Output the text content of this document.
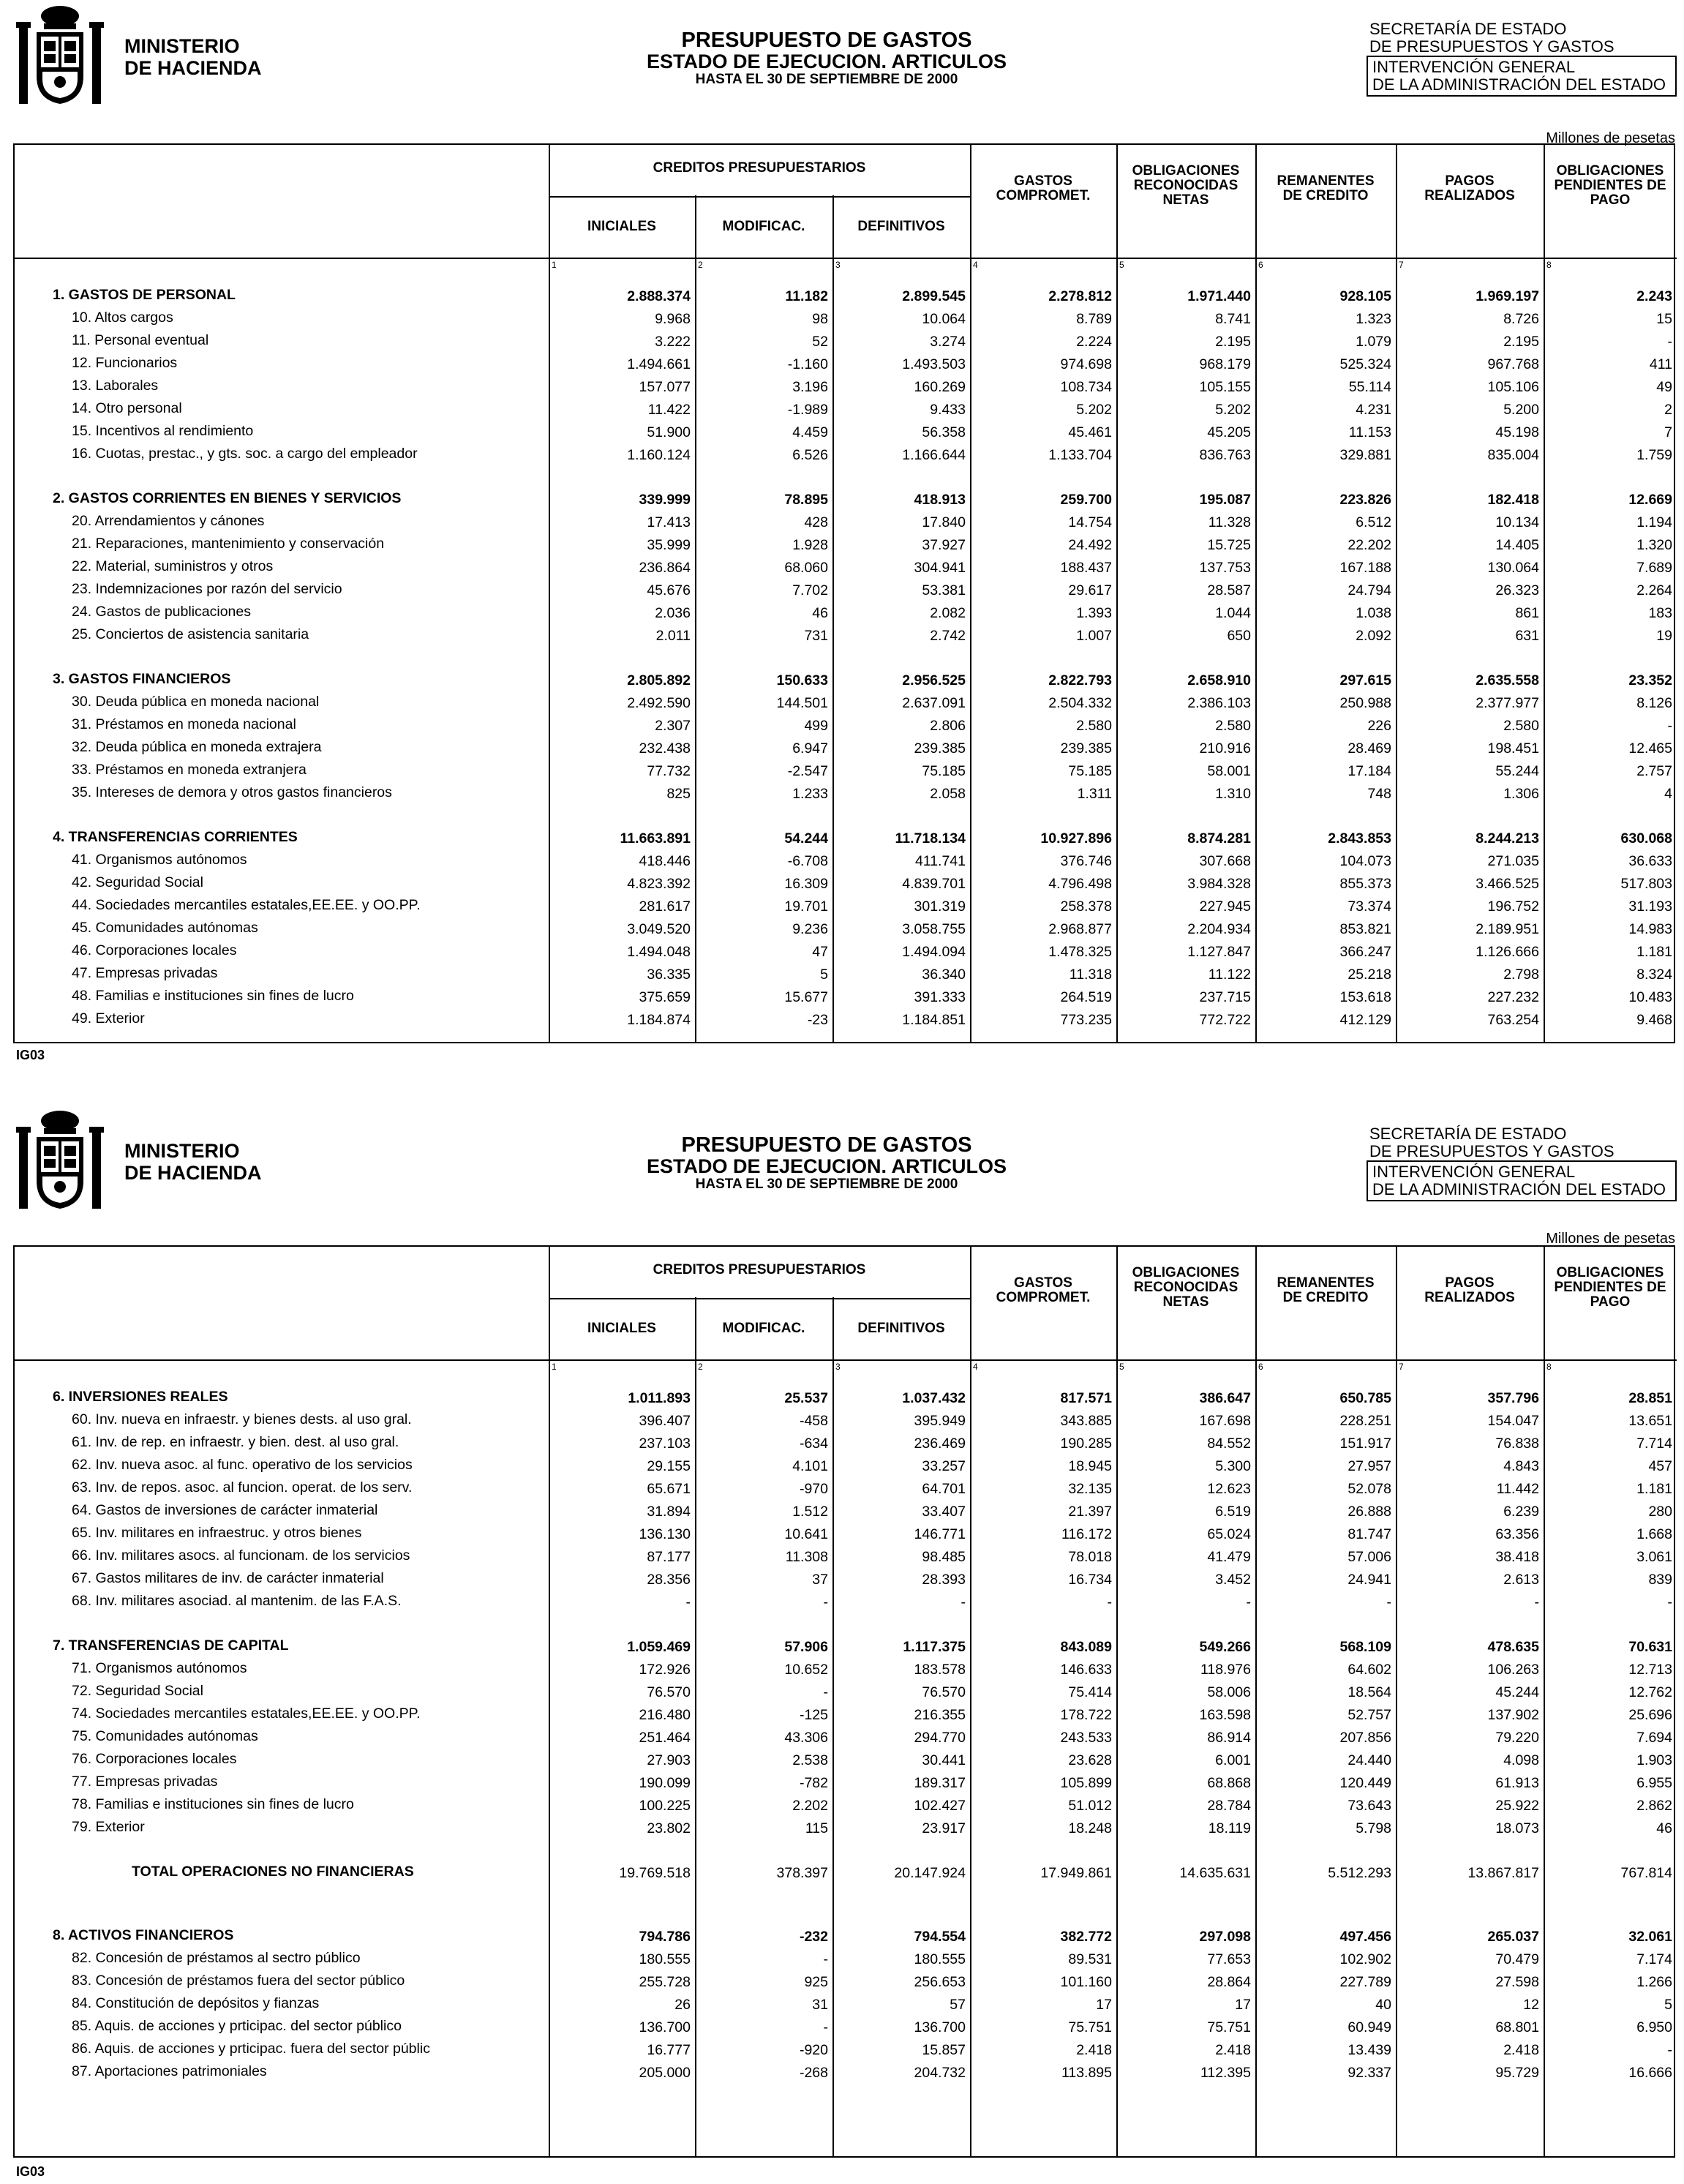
MINISTERIO
DE HACIENDA
PRESUPUESTO DE GASTOS
ESTADO DE EJECUCION. ARTICULOS
HASTA EL 30 DE SEPTIEMBRE DE 2000
SECRETARÍA DE ESTADO
DE PRESUPUESTOS Y GASTOS
INTERVENCIÓN GENERAL
DE LA ADMINISTRACIÓN DEL ESTADO
Millones de pesetas
CREDITOS PRESUPUESTARIOS
INICIALES	MODIFICAC.	DEFINITIVOS
GASTOS
COMPROMET.
OBLIGACIONES
RECONOCIDAS
NETAS
REMANENTES
DE CREDITO
PAGOS
REALIZADOS
OBLIGACIONES
PENDIENTES DE
PAGO
1	2	3	4	5	6	7	8
1. GASTOS DE PERSONAL	2.888.374	11.182	2.899.545	2.278.812	1.971.440	928.105	1.969.197	2.243
10. Altos cargos	9.968	98	10.064	8.789	8.741	1.323	8.726	15
11. Personal eventual	3.222	52	3.274	2.224	2.195	1.079	2.195	-
12. Funcionarios	1.494.661	-1.160	1.493.503	974.698	968.179	525.324	967.768	411
13. Laborales	157.077	3.196	160.269	108.734	105.155	55.114	105.106	49
14. Otro personal	11.422	-1.989	9.433	5.202	5.202	4.231	5.200	2
15. Incentivos al rendimiento	51.900	4.459	56.358	45.461	45.205	11.153	45.198	7
16. Cuotas, prestac., y gts. soc. a cargo del empleador	1.160.124	6.526	1.166.644	1.133.704	836.763	329.881	835.004	1.759
2. GASTOS CORRIENTES EN BIENES Y SERVICIOS	339.999	78.895	418.913	259.700	195.087	223.826	182.418	12.669
20. Arrendamientos y cánones	17.413	428	17.840	14.754	11.328	6.512	10.134	1.194
21. Reparaciones, mantenimiento y conservación	35.999	1.928	37.927	24.492	15.725	22.202	14.405	1.320
22. Material, suministros y otros	236.864	68.060	304.941	188.437	137.753	167.188	130.064	7.689
23. Indemnizaciones por razón del servicio	45.676	7.702	53.381	29.617	28.587	24.794	26.323	2.264
24. Gastos de publicaciones	2.036	46	2.082	1.393	1.044	1.038	861	183
25. Conciertos de asistencia sanitaria	2.011	731	2.742	1.007	650	2.092	631	19
3. GASTOS FINANCIEROS	2.805.892	150.633	2.956.525	2.822.793	2.658.910	297.615	2.635.558	23.352
30. Deuda pública en moneda nacional	2.492.590	144.501	2.637.091	2.504.332	2.386.103	250.988	2.377.977	8.126
31. Préstamos en moneda nacional	2.307	499	2.806	2.580	2.580	226	2.580	-
32. Deuda pública en moneda extrajera	232.438	6.947	239.385	239.385	210.916	28.469	198.451	12.465
33. Préstamos en moneda extranjera	77.732	-2.547	75.185	75.185	58.001	17.184	55.244	2.757
35. Intereses de demora y otros gastos financieros	825	1.233	2.058	1.311	1.310	748	1.306	4
4. TRANSFERENCIAS CORRIENTES	11.663.891	54.244	11.718.134	10.927.896	8.874.281	2.843.853	8.244.213	630.068
41. Organismos autónomos	418.446	-6.708	411.741	376.746	307.668	104.073	271.035	36.633
42. Seguridad Social	4.823.392	16.309	4.839.701	4.796.498	3.984.328	855.373	3.466.525	517.803
44. Sociedades mercantiles estatales,EE.EE. y OO.PP.	281.617	19.701	301.319	258.378	227.945	73.374	196.752	31.193
45. Comunidades autónomas	3.049.520	9.236	3.058.755	2.968.877	2.204.934	853.821	2.189.951	14.983
46. Corporaciones locales	1.494.048	47	1.494.094	1.478.325	1.127.847	366.247	1.126.666	1.181
47. Empresas privadas	36.335	5	36.340	11.318	11.122	25.218	2.798	8.324
48. Familias e instituciones sin fines de lucro	375.659	15.677	391.333	264.519	237.715	153.618	227.232	10.483
49. Exterior	1.184.874	-23	1.184.851	773.235	772.722	412.129	763.254	9.468
IG03
MINISTERIO
DE HACIENDA
PRESUPUESTO DE GASTOS
ESTADO DE EJECUCION. ARTICULOS
HASTA EL 30 DE SEPTIEMBRE DE 2000
SECRETARÍA DE ESTADO
DE PRESUPUESTOS Y GASTOS
INTERVENCIÓN GENERAL
DE LA ADMINISTRACIÓN DEL ESTADO
Millones de pesetas
CREDITOS PRESUPUESTARIOS
INICIALES	MODIFICAC.	DEFINITIVOS
GASTOS
COMPROMET.
OBLIGACIONES
RECONOCIDAS
NETAS
REMANENTES
DE CREDITO
PAGOS
REALIZADOS
OBLIGACIONES
PENDIENTES DE
PAGO
1	2	3	4	5	6	7	8
6. INVERSIONES REALES	1.011.893	25.537	1.037.432	817.571	386.647	650.785	357.796	28.851
60. Inv. nueva en infraestr. y bienes dests. al uso gral.	396.407	-458	395.949	343.885	167.698	228.251	154.047	13.651
61. Inv. de rep. en infraestr. y bien. dest. al uso gral.	237.103	-634	236.469	190.285	84.552	151.917	76.838	7.714
62. Inv. nueva asoc. al func. operativo de los servicios	29.155	4.101	33.257	18.945	5.300	27.957	4.843	457
63. Inv. de repos. asoc. al funcion. operat. de los serv.	65.671	-970	64.701	32.135	12.623	52.078	11.442	1.181
64. Gastos de inversiones de carácter inmaterial	31.894	1.512	33.407	21.397	6.519	26.888	6.239	280
65. Inv. militares en infraestruc. y otros bienes	136.130	10.641	146.771	116.172	65.024	81.747	63.356	1.668
66. Inv. militares asocs. al funcionam. de los servicios	87.177	11.308	98.485	78.018	41.479	57.006	38.418	3.061
67. Gastos militares de inv. de carácter inmaterial	28.356	37	28.393	16.734	3.452	24.941	2.613	839
68. Inv. militares asociad. al mantenim. de las F.A.S.	-	-	-	-	-	-	-	-
7. TRANSFERENCIAS DE CAPITAL	1.059.469	57.906	1.117.375	843.089	549.266	568.109	478.635	70.631
71. Organismos autónomos	172.926	10.652	183.578	146.633	118.976	64.602	106.263	12.713
72. Seguridad Social	76.570	-	76.570	75.414	58.006	18.564	45.244	12.762
74. Sociedades mercantiles estatales,EE.EE. y OO.PP.	216.480	-125	216.355	178.722	163.598	52.757	137.902	25.696
75. Comunidades autónomas	251.464	43.306	294.770	243.533	86.914	207.856	79.220	7.694
76. Corporaciones locales	27.903	2.538	30.441	23.628	6.001	24.440	4.098	1.903
77. Empresas privadas	190.099	-782	189.317	105.899	68.868	120.449	61.913	6.955
78. Familias e instituciones sin fines de lucro	100.225	2.202	102.427	51.012	28.784	73.643	25.922	2.862
79. Exterior	23.802	115	23.917	18.248	18.119	5.798	18.073	46
TOTAL OPERACIONES NO FINANCIERAS	19.769.518	378.397	20.147.924	17.949.861	14.635.631	5.512.293	13.867.817	767.814
8. ACTIVOS FINANCIEROS	794.786	-232	794.554	382.772	297.098	497.456	265.037	32.061
82. Concesión de préstamos al sectro público	180.555	-	180.555	89.531	77.653	102.902	70.479	7.174
83. Concesión de préstamos fuera del sector público	255.728	925	256.653	101.160	28.864	227.789	27.598	1.266
84. Constitución de depósitos y fianzas	26	31	57	17	17	40	12	5
85. Aquis. de acciones y prticipac. del sector público	136.700	-	136.700	75.751	75.751	60.949	68.801	6.950
86. Aquis. de acciones y prticipac. fuera del sector públic	16.777	-920	15.857	2.418	2.418	13.439	2.418	-
87. Aportaciones patrimoniales	205.000	-268	204.732	113.895	112.395	92.337	95.729	16.666
IG03
